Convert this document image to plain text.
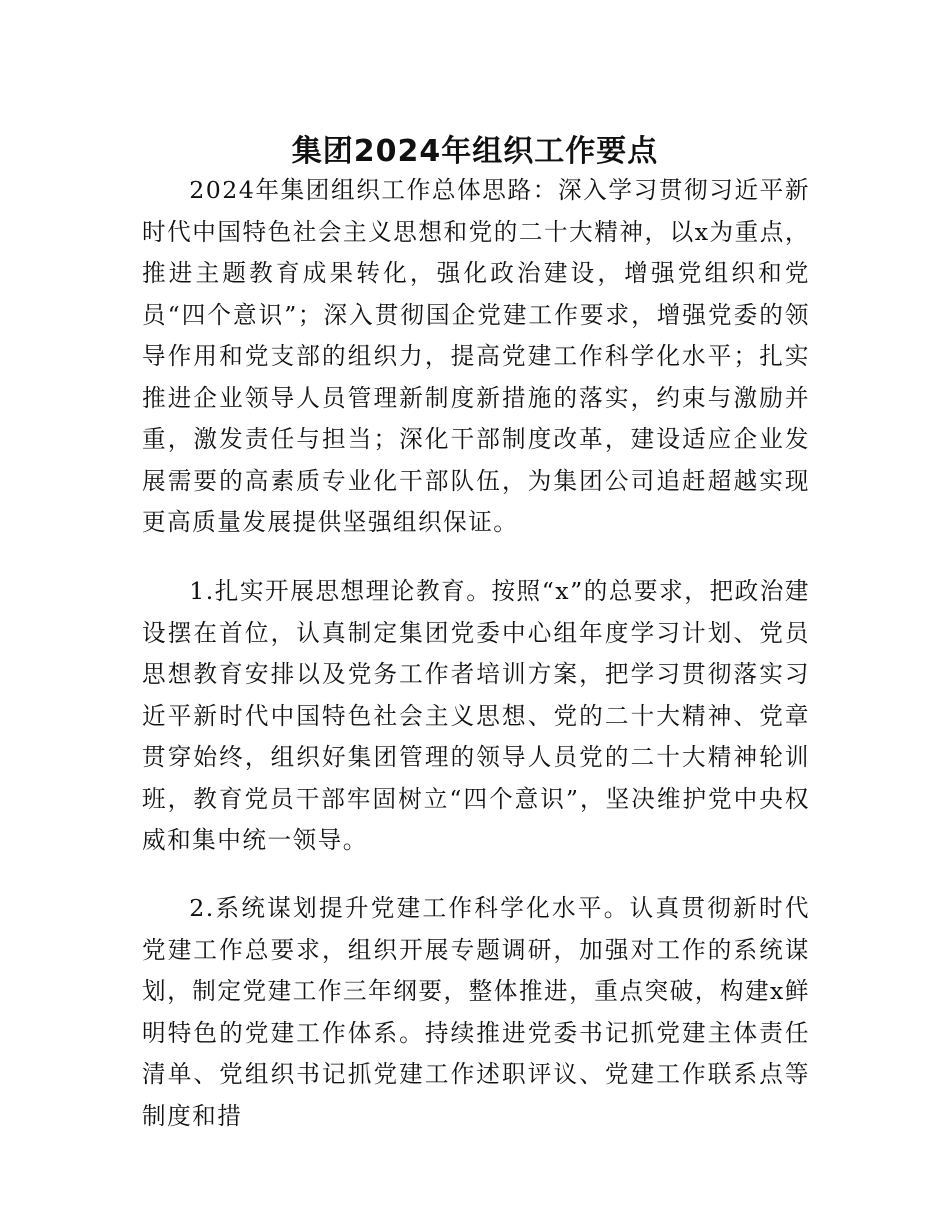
集团2024年组织工作要点

2024年集团组织工作总体思路：深入学习贯彻习近平新时代中国特色社会主义思想和党的二十大精神，以x为重点，推进主题教育成果转化，强化政治建设，增强党组织和党员“四个意识”；深入贯彻国企党建工作要求，增强党委的领导作用和党支部的组织力，提高党建工作科学化水平；扎实推进企业领导人员管理新制度新措施的落实，约束与激励并重，激发责任与担当；深化干部制度改革，建设适应企业发展需要的高素质专业化干部队伍，为集团公司追赶超越实现更高质量发展提供坚强组织保证。

1.扎实开展思想理论教育。按照“x”的总要求，把政治建设摆在首位，认真制定集团党委中心组年度学习计划、党员思想教育安排以及党务工作者培训方案，把学习贯彻落实习近平新时代中国特色社会主义思想、党的二十大精神、党章贯穿始终，组织好集团管理的领导人员党的二十大精神轮训班，教育党员干部牢固树立“四个意识”，坚决维护党中央权威和集中统一领导。

2.系统谋划提升党建工作科学化水平。认真贯彻新时代党建工作总要求，组织开展专题调研，加强对工作的系统谋划，制定党建工作三年纲要，整体推进，重点突破，构建x鲜明特色的党建工作体系。持续推进党委书记抓党建主体责任清单、党组织书记抓党建工作述职评议、党建工作联系点等制度和措
